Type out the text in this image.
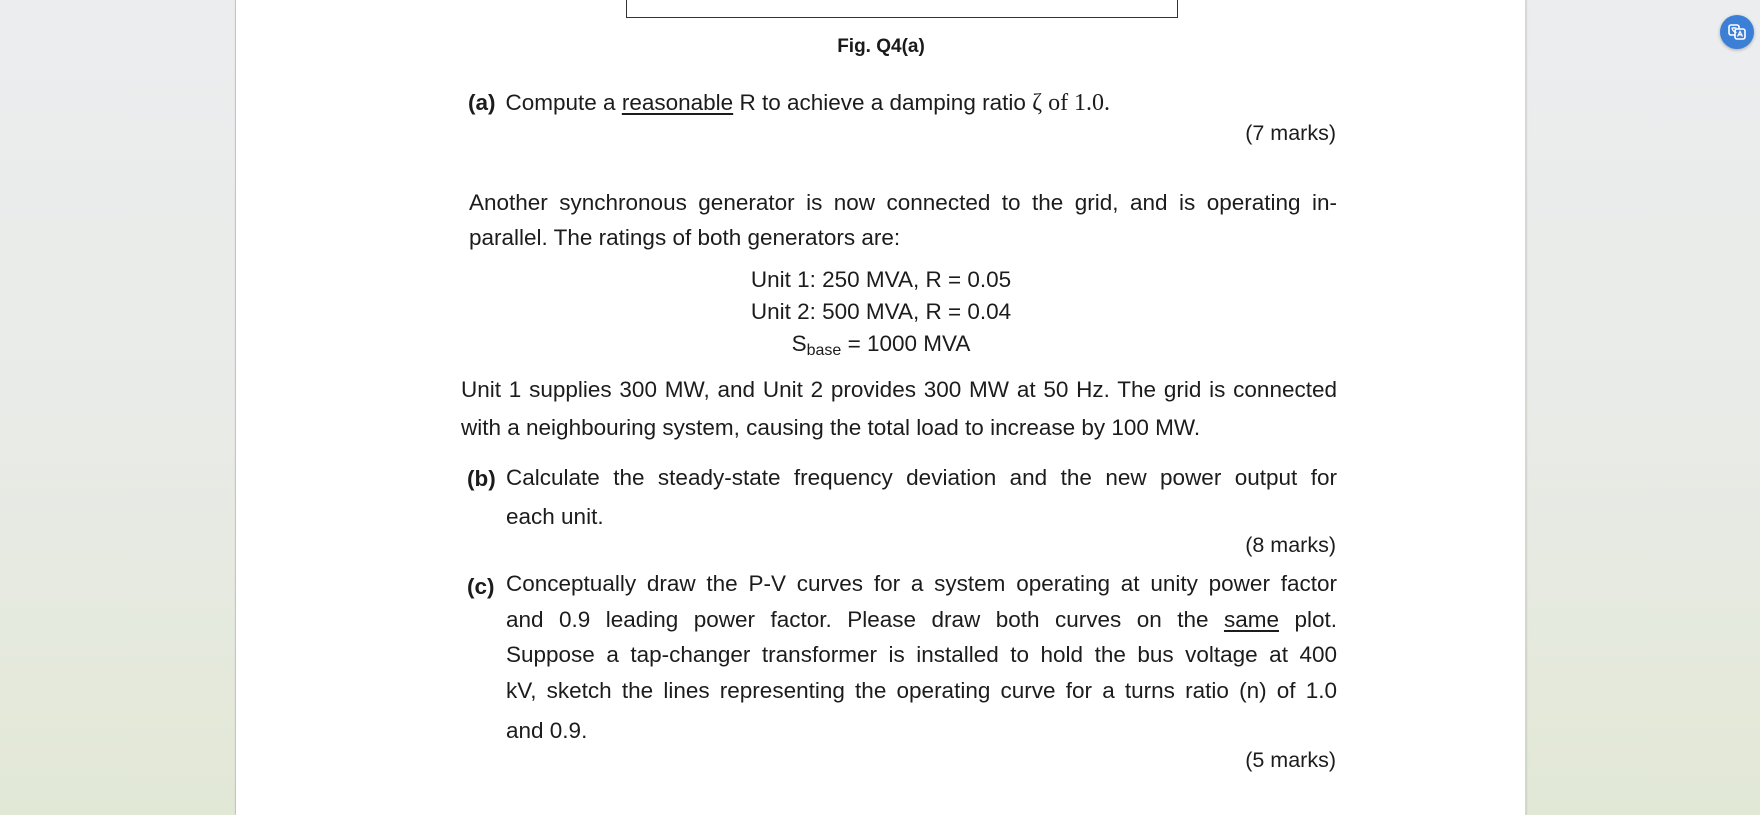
Fig. Q4(a)
(a) Compute a reasonable R to achieve a damping ratio ζ of 1.0.
(7 marks)
Another synchronous generator is now connected to the grid, and is operating in-
parallel. The ratings of both generators are:
Unit 1: 250 MVA, R = 0.05
Unit 2: 500 MVA, R = 0.04
$S_{base} = 1000$ MVA
Unit 1 supplies 300 MW, and Unit 2 provides 300 MW at 50 Hz. The grid is connected
with a neighbouring system, causing the total load to increase by 100 MW.
(b) Calculate the steady-state frequency deviation and the new power output for
each unit.
(8 marks)
(c) Conceptually draw the P-V curves for a system operating at unity power factor
and 0.9 leading power factor. Please draw both curves on the same plot.
Suppose a tap-changer transformer is installed to hold the bus voltage at 400
kV, sketch the lines representing the operating curve for a turns ratio (n) of 1.0
and 0.9.
(5 marks)
